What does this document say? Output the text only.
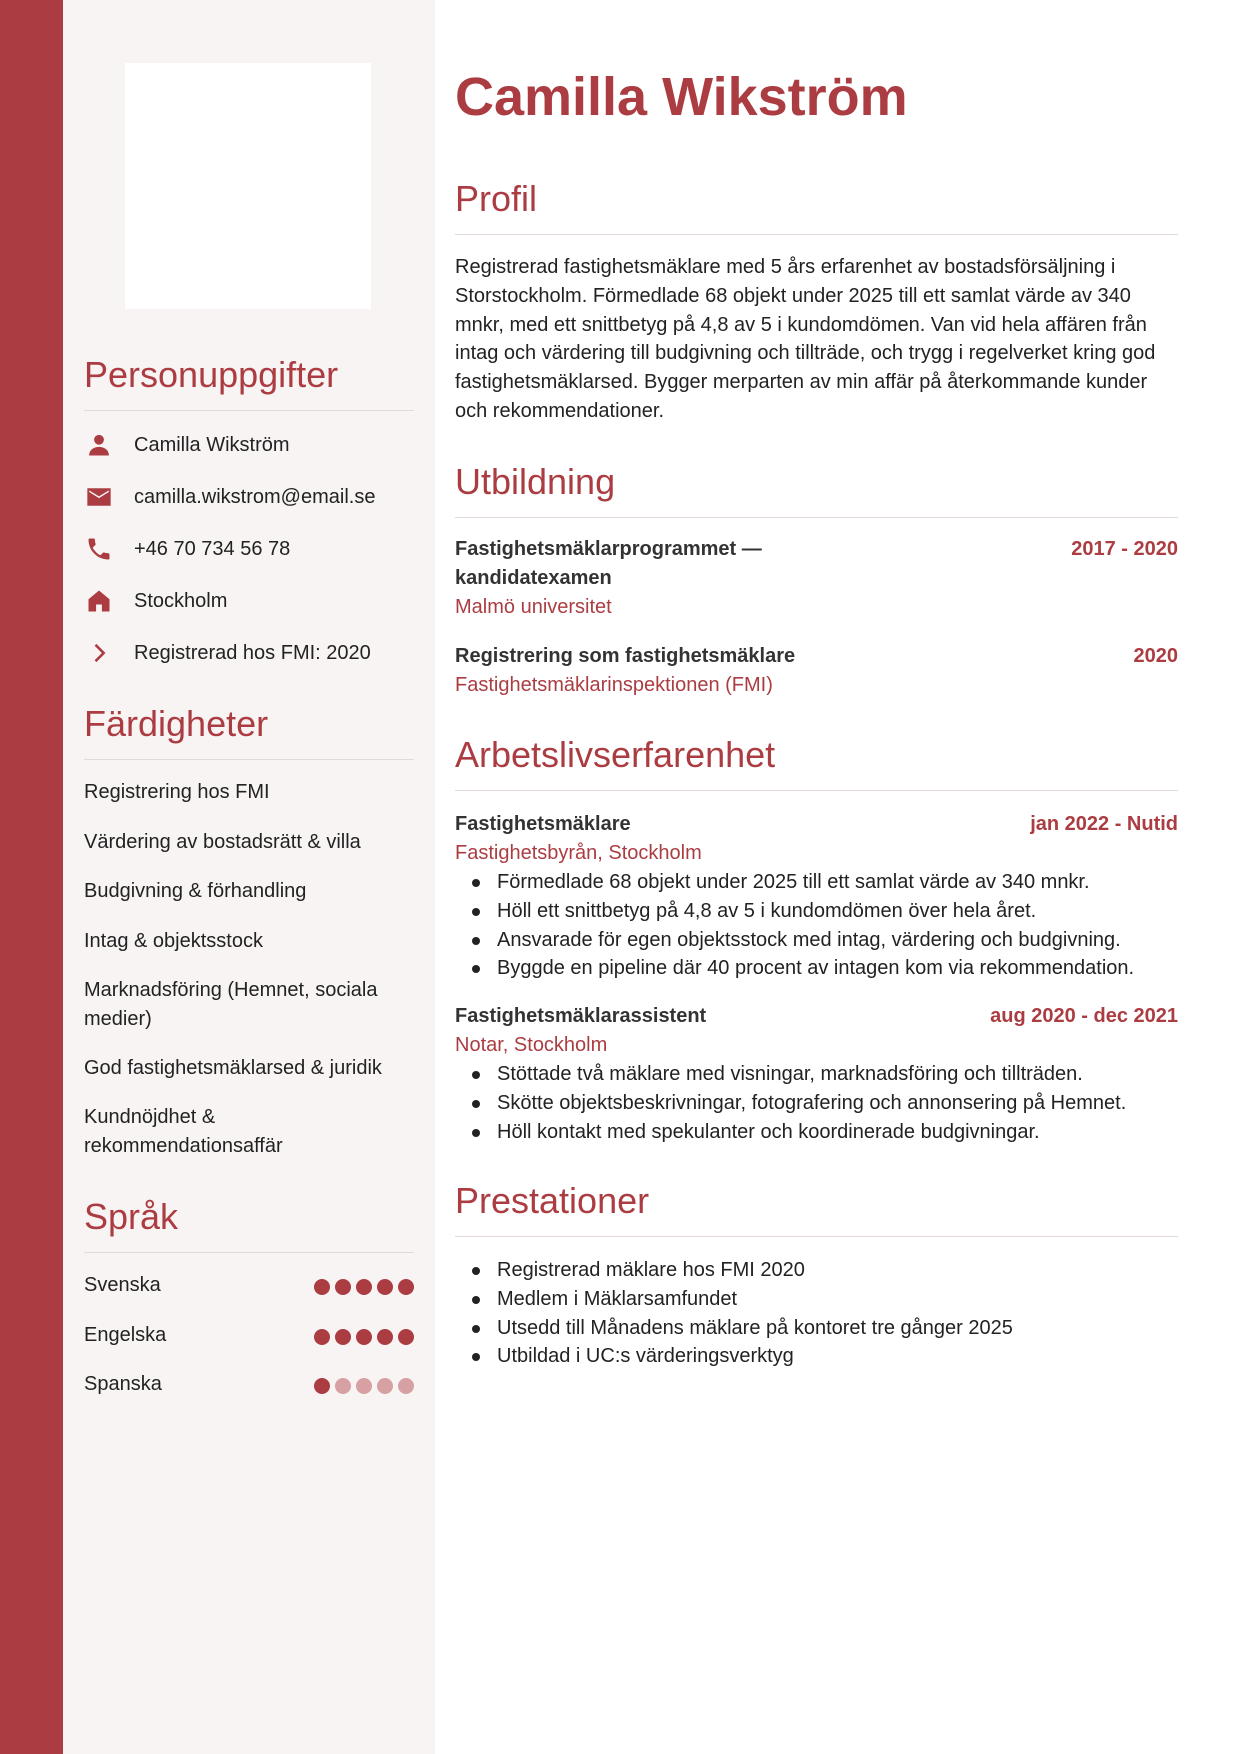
Personuppgifter
Camilla Wikström
camilla.wikstrom@email.se
+46 70 734 56 78
Stockholm
Registrerad hos FMI: 2020
Färdigheter
Registrering hos FMI
Värdering av bostadsrätt & villa
Budgivning & förhandling
Intag & objektsstock
Marknadsföring (Hemnet, sociala medier)
God fastighetsmäklarsed & juridik
Kundnöjdhet & rekommendationsaffär
Språk
Svenska
Engelska
Spanska
Camilla Wikström
Profil

Registrerad fastighetsmäklare med 5 års erfarenhet av bostadsförsäljning i Storstockholm. Förmedlade 68 objekt under 2025 till ett samlat värde av 340 mnkr, med ett snittbetyg på 4,8 av 5 i kundomdömen. Van vid hela affären från intag och värdering till budgivning och tillträde, och trygg i regelverket kring god fastighetsmäklarsed. Bygger merparten av min affär på återkommande kunder och rekommendationer.

Utbildning
Fastighetsmäklarprogrammet — kandidatexamen
2017 - 2020
Malmö universitet
Registrering som fastighetsmäklare	2020
Fastighetsmäklarinspektionen (FMI)
Arbetslivserfarenhet
Fastighetsmäklare	jan 2022 - Nutid
Fastighetsbyrån, Stockholm
Förmedlade 68 objekt under 2025 till ett samlat värde av 340 mnkr.
Höll ett snittbetyg på 4,8 av 5 i kundomdömen över hela året.
Ansvarade för egen objektsstock med intag, värdering och budgivning.
Byggde en pipeline där 40 procent av intagen kom via rekommendation.
Fastighetsmäklarassistent	aug 2020 - dec 2021
Notar, Stockholm
Stöttade två mäklare med visningar, marknadsföring och tillträden.
Skötte objektsbeskrivningar, fotografering och annonsering på Hemnet.
Höll kontakt med spekulanter och koordinerade budgivningar.
Prestationer
Registrerad mäklare hos FMI 2020
Medlem i Mäklarsamfundet
Utsedd till Månadens mäklare på kontoret tre gånger 2025
Utbildad i UC:s värderingsverktyg
